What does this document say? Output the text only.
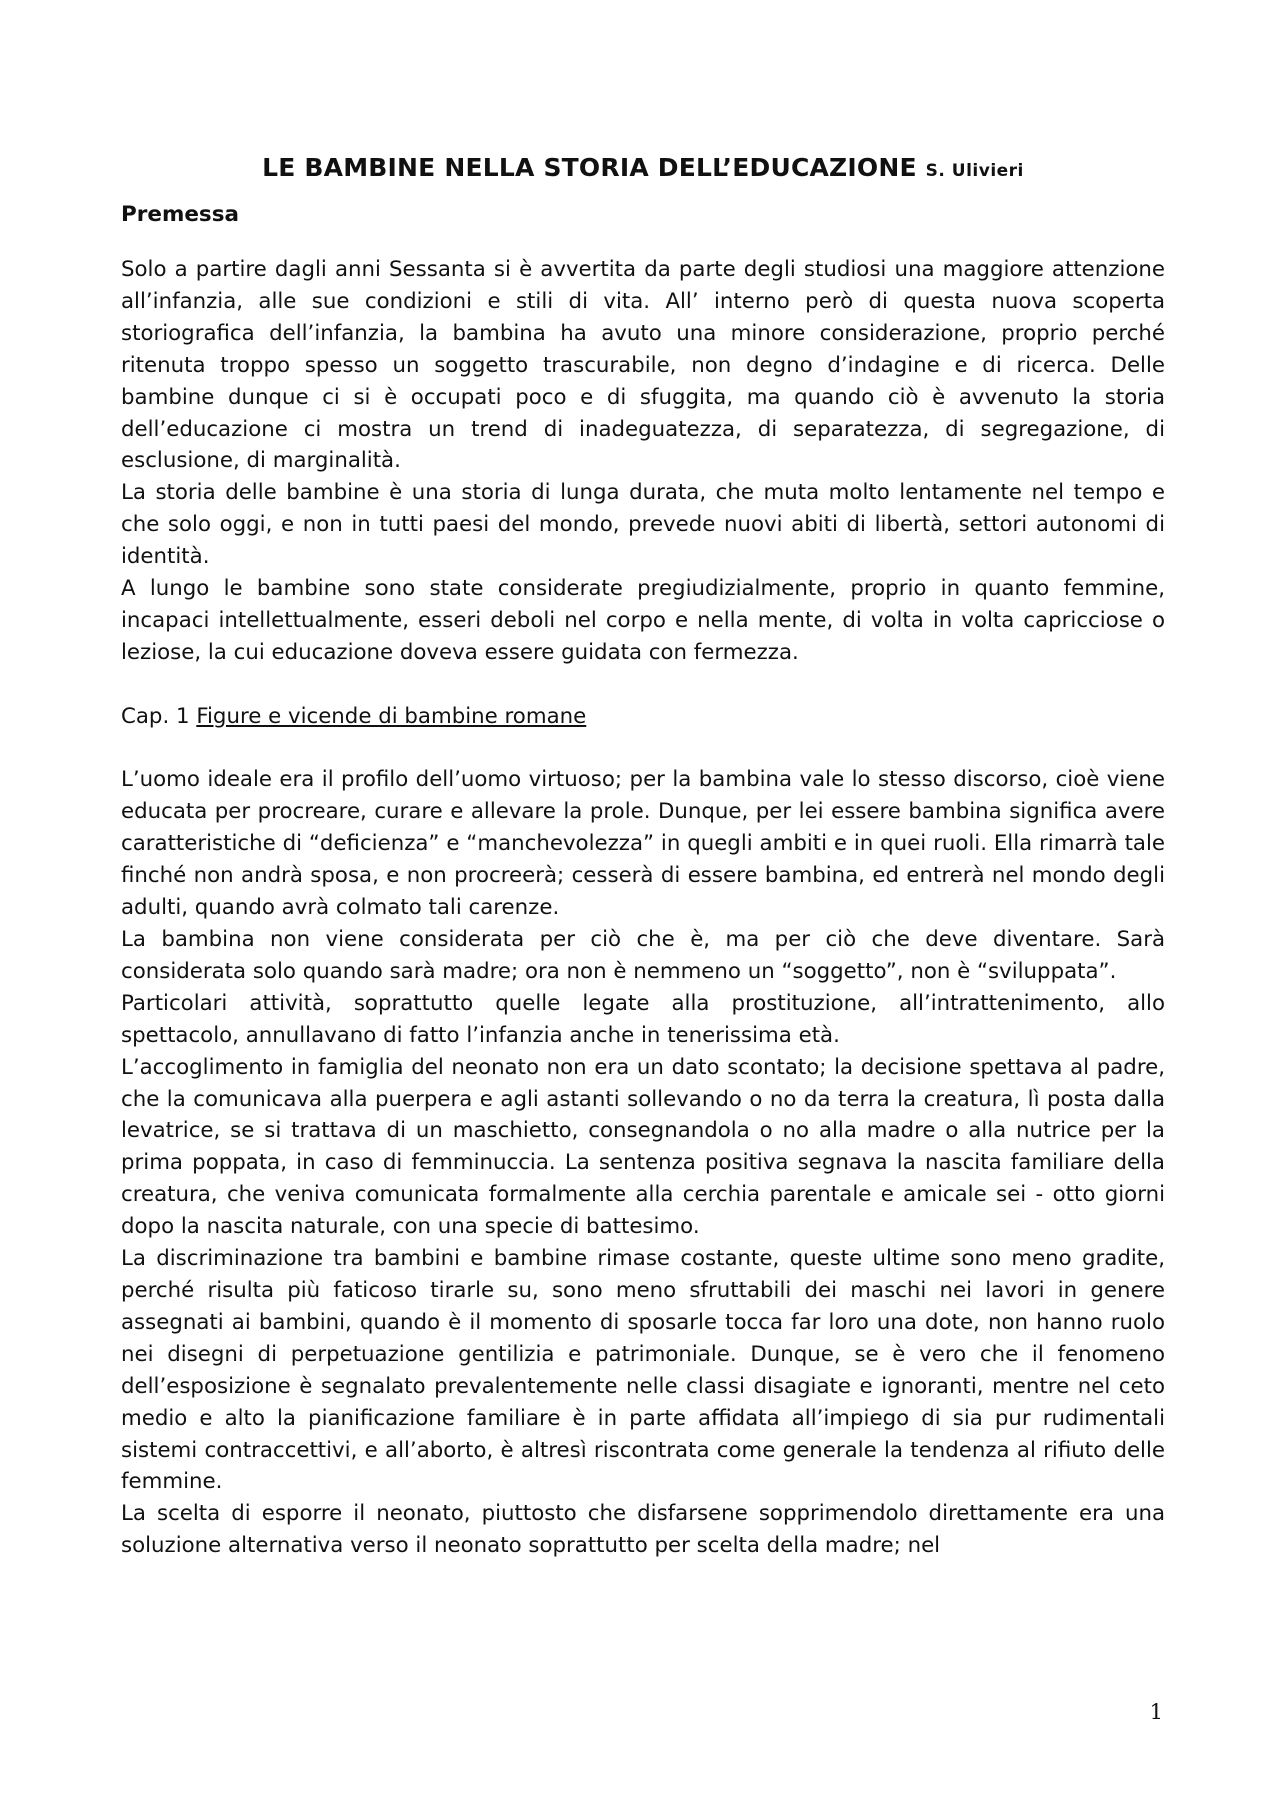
LE BAMBINE NELLA STORIA DELL’EDUCAZIONE S. Ulivieri
Premessa

Solo a partire dagli anni Sessanta si è avvertita da parte degli studiosi una maggiore attenzione all’infanzia, alle sue condizioni e stili di vita. All’ interno però di questa nuova scoperta storiografica dell’infanzia, la bambina ha avuto una minore considerazione, proprio perché ritenuta troppo spesso un soggetto trascurabile, non degno d’indagine e di ricerca. Delle bambine dunque ci si è occupati poco e di sfuggita, ma quando ciò è avvenuto la storia dell’educazione ci mostra un trend di inadeguatezza, di separatezza, di segregazione, di esclusione, di marginalità.

La storia delle bambine è una storia di lunga durata, che muta molto lentamente nel tempo e che solo oggi, e non in tutti paesi del mondo, prevede nuovi abiti di libertà, settori autonomi di identità.

A lungo le bambine sono state considerate pregiudizialmente, proprio in quanto femmine, incapaci intellettualmente, esseri deboli nel corpo e nella mente, di volta in volta capricciose o leziose, la cui educazione doveva essere guidata con fermezza.

Cap. 1 Figure e vicende di bambine romane

L’uomo ideale era il profilo dell’uomo virtuoso; per la bambina vale lo stesso discorso, cioè viene educata per procreare, curare e allevare la prole. Dunque, per lei essere bambina significa avere caratteristiche di “deficienza” e “manchevolezza” in quegli ambiti e in quei ruoli. Ella rimarrà tale finché non andrà sposa, e non procreerà; cesserà di essere bambina, ed entrerà nel mondo degli adulti, quando avrà colmato tali carenze.

La bambina non viene considerata per ciò che è, ma per ciò che deve diventare. Sarà considerata solo quando sarà madre; ora non è nemmeno un “soggetto”, non è “sviluppata”.

Particolari attività, soprattutto quelle legate alla prostituzione, all’intrattenimento, allo spettacolo, annullavano di fatto l’infanzia anche in tenerissima età.

L’accoglimento in famiglia del neonato non era un dato scontato; la decisione spettava al padre, che la comunicava alla puerpera e agli astanti sollevando o no da terra la creatura, lì posta dalla levatrice, se si trattava di un maschietto, consegnandola o no alla madre o alla nutrice per la prima poppata, in caso di femminuccia. La sentenza positiva segnava la nascita familiare della creatura, che veniva comunicata formalmente alla cerchia parentale e amicale sei - otto giorni dopo la nascita naturale, con una specie di battesimo.

La discriminazione tra bambini e bambine rimase costante, queste ultime sono meno gradite, perché risulta più faticoso tirarle su, sono meno sfruttabili dei maschi nei lavori in genere assegnati ai bambini, quando è il momento di sposarle tocca far loro una dote, non hanno ruolo nei disegni di perpetuazione gentilizia e patrimoniale. Dunque, se è vero che il fenomeno dell’esposizione è segnalato prevalentemente nelle classi disagiate e ignoranti, mentre nel ceto medio e alto la pianificazione familiare è in parte affidata all’impiego di sia pur rudimentali sistemi contraccettivi, e all’aborto, è altresì riscontrata come generale la tendenza al rifiuto delle femmine.

La scelta di esporre il neonato, piuttosto che disfarsene sopprimendolo direttamente era una soluzione alternativa verso il neonato soprattutto per scelta della madre; nel

1
